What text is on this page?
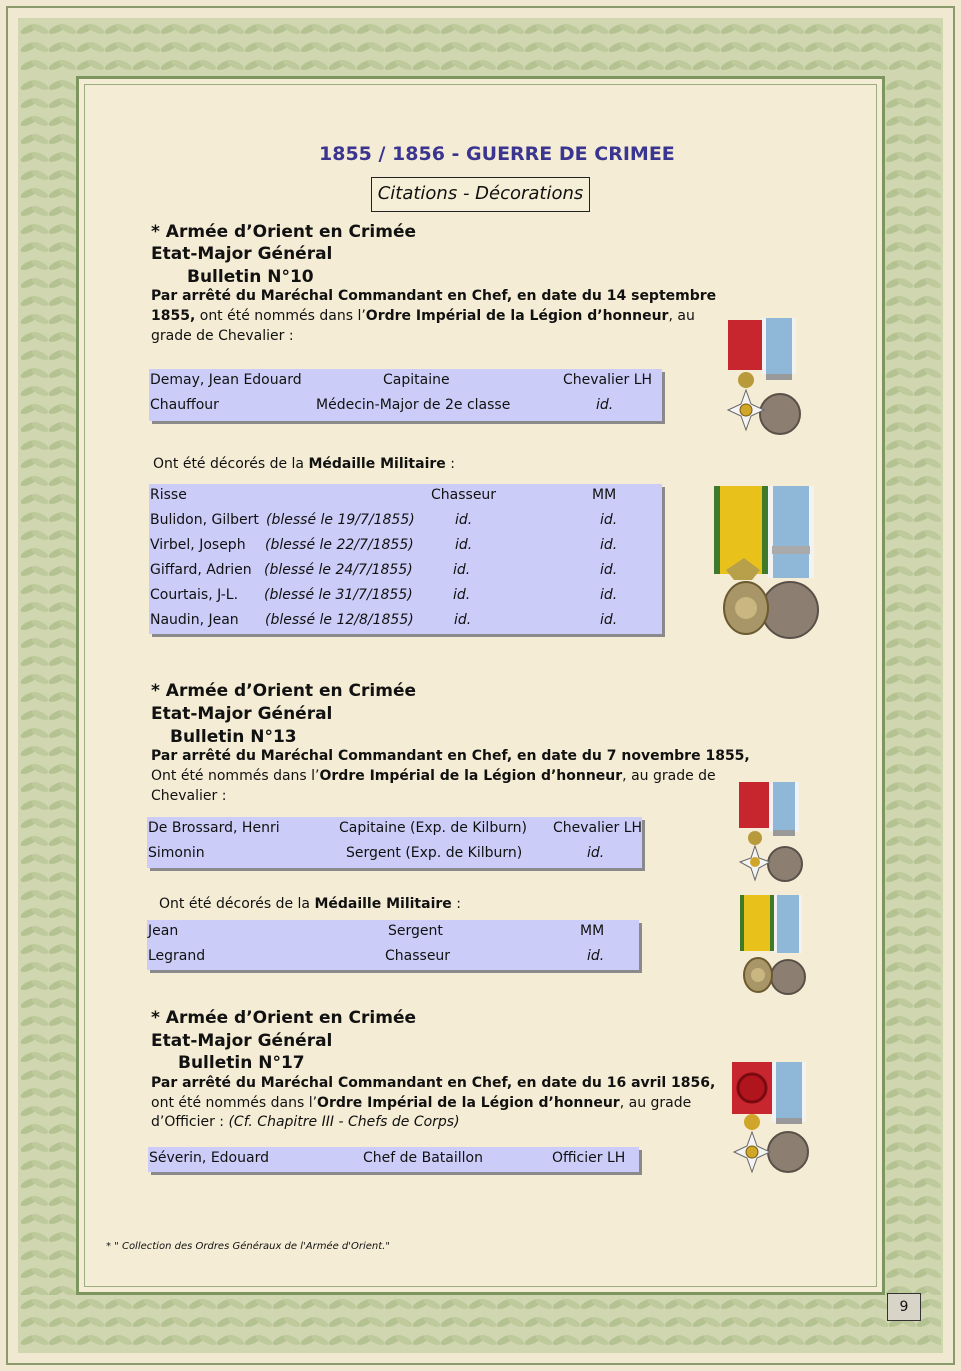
1855 / 1856 - GUERRE DE CRIMEE
Citations - Décorations
* Armée d’Orient en Crimée
Etat-Major Général
Bulletin N°10
Par arrêté du Maréchal Commandant en Chef, en date du 14 septembre
1855, ont été nommés dans l’Ordre Impérial de la Légion d’honneur, au
grade de Chevalier :
Demay, Jean Edouard	Capitaine	Chevalier LH
Chauffour	Médecin-Major de 2e classe	id.
Ont été décorés de la Médaille Militaire :
Risse	Chasseur	MM
Bulidon, Gilbert (blessé le 19/7/1855)	id.	id.
Virbel, Joseph (blessé le 22/7/1855)	id.	id.
Giffard, Adrien (blessé le 24/7/1855)	id.	id.
Courtais, J-L. (blessé le 31/7/1855)	id.	id.
Naudin, Jean (blessé le 12/8/1855)	id.	id.
* Armée d’Orient en Crimée
Etat-Major Général
Bulletin N°13
Par arrêté du Maréchal Commandant en Chef, en date du 7 novembre 1855,
Ont été nommés dans l’Ordre Impérial de la Légion d’honneur, au grade de
Chevalier :
De Brossard, Henri	Capitaine (Exp. de Kilburn) Chevalier LH
Simonin	Sergent (Exp. de Kilburn)	id.
Ont été décorés de la Médaille Militaire :
Jean	Sergent	MM
Legrand	Chasseur	id.
* Armée d’Orient en Crimée
Etat-Major Général
Bulletin N°17
Par arrêté du Maréchal Commandant en Chef, en date du 16 avril 1856,
ont été nommés dans l’Ordre Impérial de la Légion d’honneur, au grade
d’Officier : (Cf. Chapitre III - Chefs de Corps)
Séverin, Edouard	Chef de Bataillon	Officier LH
* " Collection des Ordres Généraux de l'Armée d'Orient."
9
